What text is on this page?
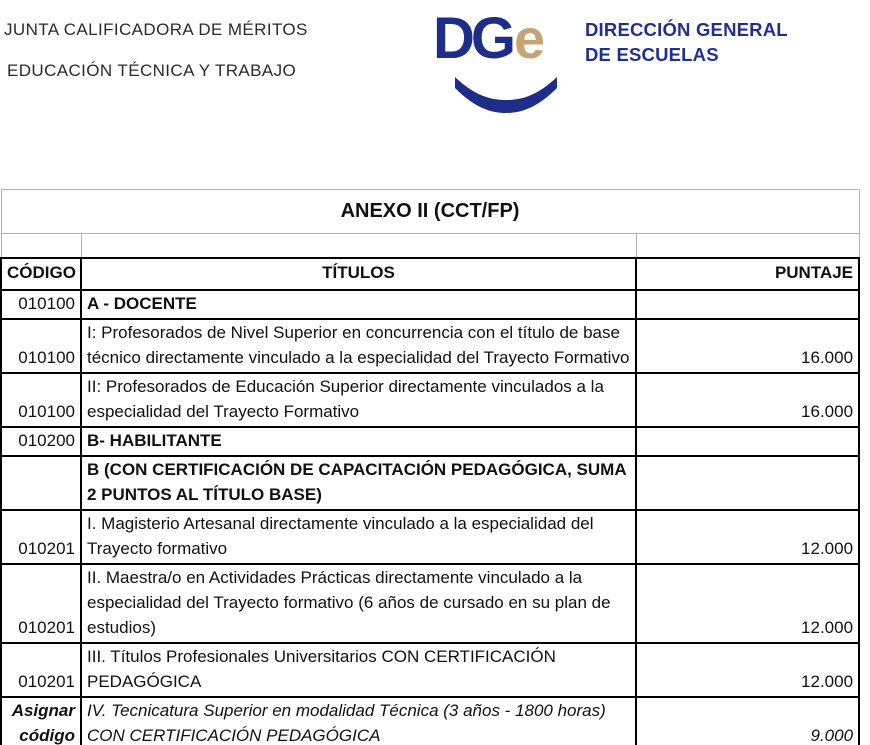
JUNTA CALIFICADORA DE MÉRITOS
EDUCACIÓN TÉCNICA Y TRABAJO DGe DIRECCIÓN GENERAL
DE ESCUELAS
ANEXO II (CCT/FP)		

CÓDIGO	TÍTULOS	PUNTAJE
010100	A - DOCENTE	
010100	I: Profesorados de Nivel Superior en concurrencia con el título de base técnico directamente vinculado a la especialidad del Trayecto Formativo	16.000
010100	II: Profesorados de Educación Superior directamente vinculados a la especialidad del Trayecto Formativo	16.000
010200	B- HABILITANTE	
	B (CON CERTIFICACIÓN DE CAPACITACIÓN PEDAGÓGICA, SUMA 2 PUNTOS AL TÍTULO BASE)	
010201	I. Magisterio Artesanal directamente vinculado a la especialidad del Trayecto formativo	12.000
010201	II. Maestra/o en Actividades Prácticas directamente vinculado a la especialidad del Trayecto formativo (6 años de cursado en su plan de estudios)	12.000
010201	III. Títulos Profesionales Universitarios CON CERTIFICACIÓN PEDAGÓGICA	12.000
Asignar código	IV. Tecnicatura Superior en modalidad Técnica (3 años - 1800 horas) CON CERTIFICACIÓN PEDAGÓGICA	9.000
